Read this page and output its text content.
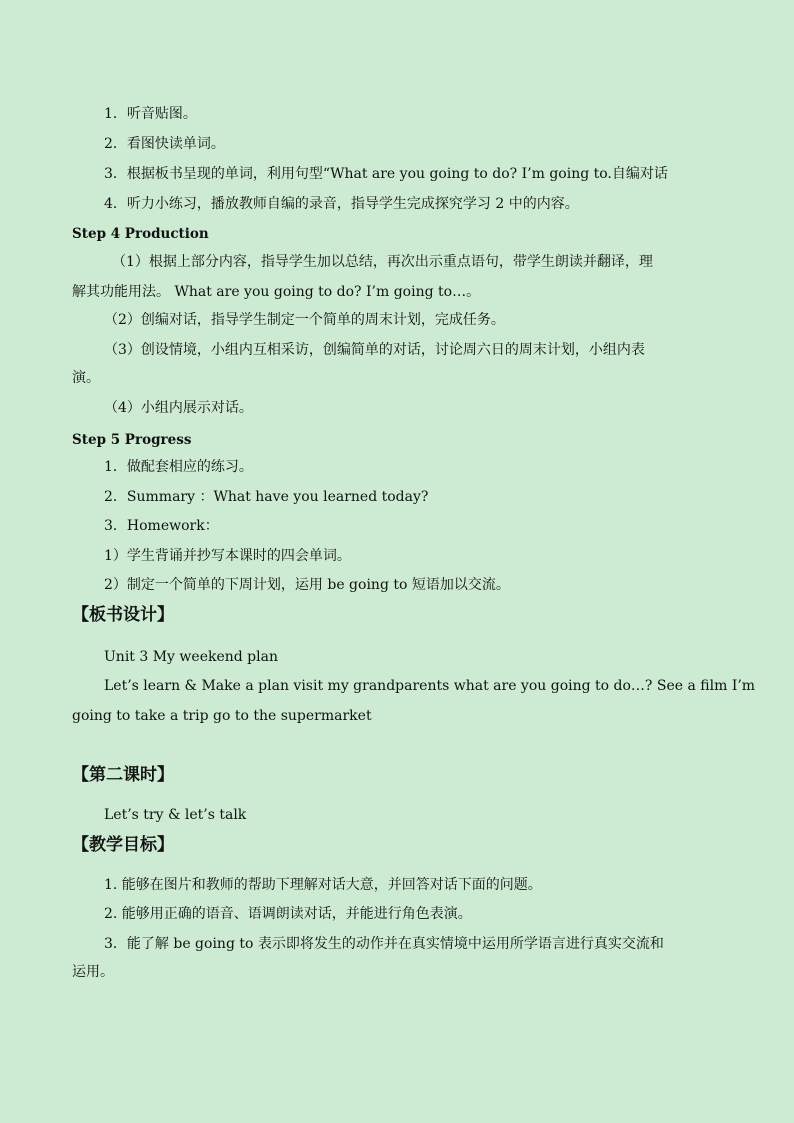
1．听音贴图。
2．看图快读单词。
3．根据板书呈现的单词，利用句型“What are you going to do? I’m going to.自编对话
4．听力小练习，播放教师自编的录音，指导学生完成探究学习 2 中的内容。
Step 4 Production
（1）根据上部分内容，指导学生加以总结，再次出示重点语句，带学生朗读并翻译，理
解其功能用法。 What are you going to do? I’m going to…。
（2）创编对话，指导学生制定一个简单的周末计划，完成任务。
（3）创设情境，小组内互相采访，创编简单的对话，讨论周六日的周末计划，小组内表
演。
（4）小组内展示对话。
Step 5 Progress
1．做配套相应的练习。
2．Summary ：What have you learned today?
3．Homework：
1）学生背诵并抄写本课时的四会单词。
2）制定一个简单的下周计划，运用 be going to 短语加以交流。
【板书设计】
Unit 3 My weekend plan
Let’s learn & Make a plan visit my grandparents what are you going to do…? See a film I’m
going to take a trip go to the supermarket
【第二课时】
Let’s try & let’s talk
【教学目标】
1. 能够在图片和教师的帮助下理解对话大意，并回答对话下面的问题。
2. 能够用正确的语音、语调朗读对话，并能进行角色表演。
3．能了解 be going to 表示即将发生的动作并在真实情境中运用所学语言进行真实交流和
运用。
